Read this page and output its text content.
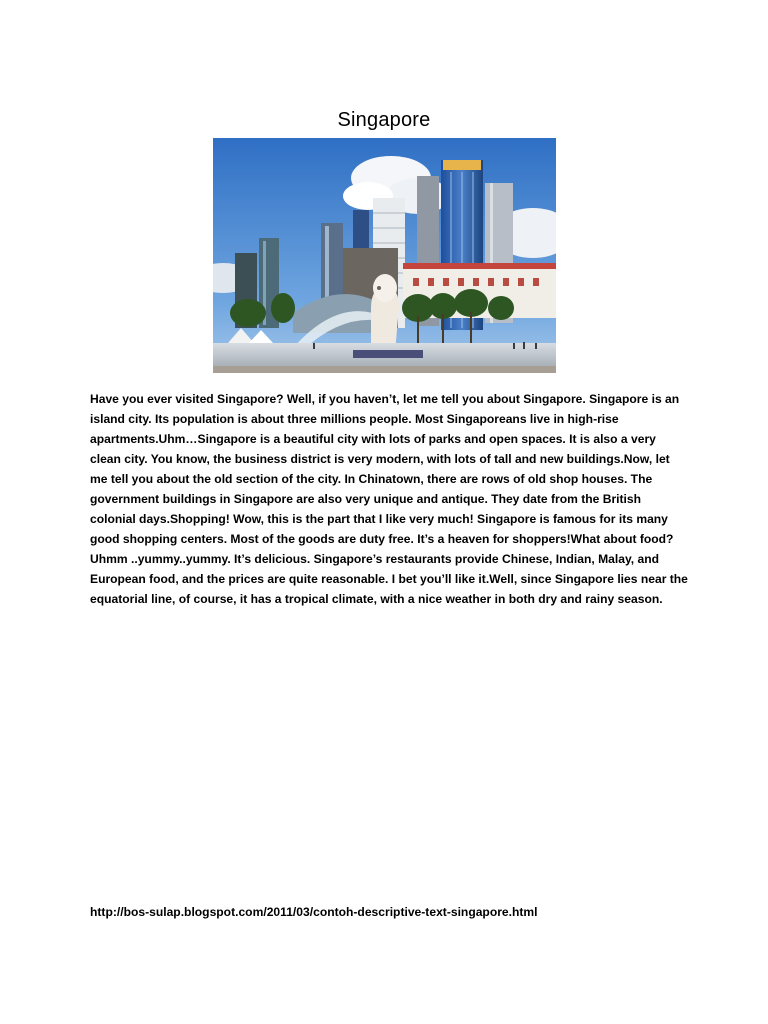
Singapore

Have you ever visited Singapore? Well, if you haven’t, let me tell you about Singapore. Singapore is an island city. Its population is about three millions people. Most Singaporeans live in high-rise apartments.Uhm…Singapore is a beautiful city with lots of parks and open spaces. It is also a very clean city. You know, the business district is very modern, with lots of tall and new buildings.Now, let me tell you about the old section of the city. In Chinatown, there are rows of old shop houses. The government buildings in Singapore are also very unique and antique. They date from the British colonial days.Shopping! Wow, this is the part that I like very much! Singapore is famous for its many good shopping centers. Most of the goods are duty free. It’s a heaven for shoppers!What about food? Uhmm ..yummy..yummy. It’s delicious. Singapore’s restaurants provide Chinese, Indian, Malay, and European food, and the prices are quite reasonable. I bet you’ll like it.Well, since Singapore lies near the equatorial line, of course, it has a tropical climate, with a nice weather in both dry and rainy season.

http://bos-sulap.blogspot.com/2011/03/contoh-descriptive-text-singapore.html
